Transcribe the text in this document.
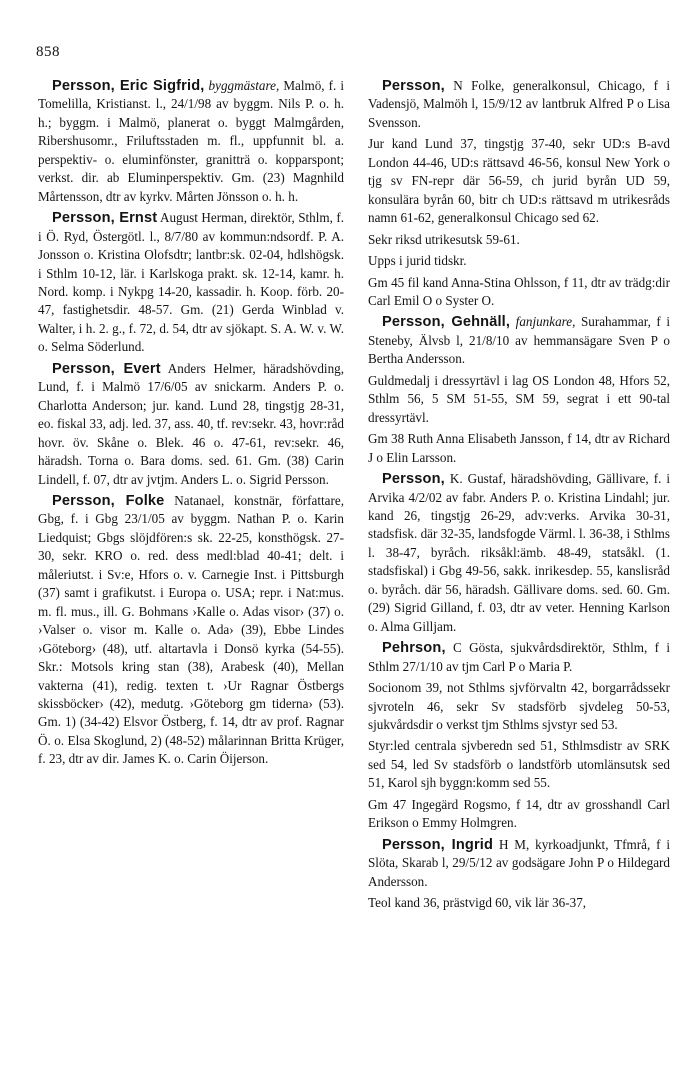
858

Persson, Eric Sigfrid, byggmästare, Malmö, f. i Tomelilla, Kristianst. l., 24/1/98 av byggm. Nils P. o. h. h.; byggm. i Malmö, planerat o. byggt Malmgården, Ribershusomr., Friluftsstaden m. fl., uppfunnit bl. a. perspektiv- o. eluminfönster, granitträ o. kopparspont; verkst. dir. ab Eluminperspektiv. Gm. (23) Magnhild Mårtensson, dtr av kyrkv. Mårten Jönsson o. h. h.

Persson, Ernst August Herman, direktör, Sthlm, f. i Ö. Ryd, Östergötl. l., 8/7/80 av kommun:ndsordf. P. A. Jonsson o. Kristina Olofsdtr; lantbr:sk. 02-04, hdlshögsk. i Sthlm 10-12, lär. i Karlskoga prakt. sk. 12-14, kamr. h. Nord. komp. i Nykpg 14-20, kassadir. h. Koop. förb. 20-47, fastighetsdir. 48-57. Gm. (21) Gerda Winblad v. Walter, i h. 2. g., f. 72, d. 54, dtr av sjökapt. S. A. W. v. W. o. Selma Söderlund.

Persson, Evert Anders Helmer, häradshövding, Lund, f. i Malmö 17/6/05 av snickarm. Anders P. o. Charlotta Anderson; jur. kand. Lund 28, tingstjg 28-31, eo. fiskal 33, adj. led. 37, ass. 40, tf. rev:sekr. 43, hovr:råd hovr. öv. Skåne o. Blek. 46 o. 47-61, rev:sekr. 46, häradsh. Torna o. Bara doms. sed. 61. Gm. (38) Carin Lindell, f. 07, dtr av jvtjm. Anders L. o. Sigrid Persson.

Persson, Folke Natanael, konstnär, författare, Gbg, f. i Gbg 23/1/05 av byggm. Nathan P. o. Karin Liedquist; Gbgs slöjdfören:s sk. 22-25, konsthögsk. 27-30, sekr. KRO o. red. dess medl:blad 40-41; delt. i måleriutst. i Sv:e, Hfors o. v. Carnegie Inst. i Pittsburgh (37) samt i grafikutst. i Europa o. USA; repr. i Nat:mus. m. fl. mus., ill. G. Bohmans ›Kalle o. Adas visor› (37) o. ›Valser o. visor m. Kalle o. Ada› (39), Ebbe Lindes ›Göteborg› (48), utf. altartavla i Donsö kyrka (54-55). Skr.: Motsols kring stan (38), Arabesk (40), Mellan vakterna (41), redig. texten t. ›Ur Ragnar Östbergs skissböcker› (42), medutg. ›Göteborg gm tiderna› (53). Gm. 1) (34-42) Elsvor Östberg, f. 14, dtr av prof. Ragnar Ö. o. Elsa Skoglund, 2) (48-52) målarinnan Britta Krüger, f. 23, dtr av dir. James K. o. Carin Öijerson.

Persson, N Folke, generalkonsul, Chicago, f i Vadensjö, Malmöh l, 15/9/12 av lantbruk Alfred P o Lisa Svensson.

Jur kand Lund 37, tingstjg 37-40, sekr UD:s B-avd London 44-46, UD:s rättsavd 46-56, konsul New York o tjg sv FN-repr där 56-59, ch jurid byrån UD 59, konsulära byrån 60, bitr ch UD:s rättsavd m utrikesråds namn 61-62, generalkonsul Chicago sed 62.

Sekr riksd utrikesutsk 59-61.

Upps i jurid tidskr.

Gm 45 fil kand Anna-Stina Ohlsson, f 11, dtr av trädg:dir Carl Emil O o Syster O.

Persson, Gehnäll, fanjunkare, Surahammar, f i Steneby, Älvsb l, 21/8/10 av hemmansägare Sven P o Bertha Andersson.

Guldmedalj i dressyrtävl i lag OS London 48, Hfors 52, Sthlm 56, 5 SM 51-55, SM 59, segrat i ett 90-tal dressyrtävl.

Gm 38 Ruth Anna Elisabeth Jansson, f 14, dtr av Richard J o Elin Larsson.

Persson, K. Gustaf, häradshövding, Gällivare, f. i Arvika 4/2/02 av fabr. Anders P. o. Kristina Lindahl; jur. kand 26, tingstjg 26-29, adv:verks. Arvika 30-31, stadsfisk. där 32-35, landsfogde Värml. l. 36-38, i Sthlms l. 38-47, byråch. riksåkl:ämb. 48-49, statsåkl. (1. stadsfiskal) i Gbg 49-56, sakk. inrikesdep. 55, kanslisråd o. byråch. där 56, häradsh. Gällivare doms. sed. 60. Gm. (29) Sigrid Gilland, f. 03, dtr av veter. Henning Karlson o. Alma Gilljam.

Pehrson, C Gösta, sjukvårdsdirektör, Sthlm, f i Sthlm 27/1/10 av tjm Carl P o Maria P.

Socionom 39, not Sthlms sjvförvaltn 42, borgarrådssekr sjvroteln 46, sekr Sv stadsförb sjvdeleg 50-53, sjukvårdsdir o verkst tjm Sthlms sjvstyr sed 53.

Styr:led centrala sjvberedn sed 51, Sthlmsdistr av SRK sed 54, led Sv stadsförb o landstförb utomlänsutsk sed 51, Karol sjh byggn:komm sed 55.

Gm 47 Ingegärd Rogsmo, f 14, dtr av grosshandl Carl Erikson o Emmy Holmgren.

Persson, Ingrid H M, kyrkoadjunkt, Tfmrå, f i Slöta, Skarab l, 29/5/12 av godsägare John P o Hildegard Andersson.

Teol kand 36, prästvigd 60, vik lär 36-37,
